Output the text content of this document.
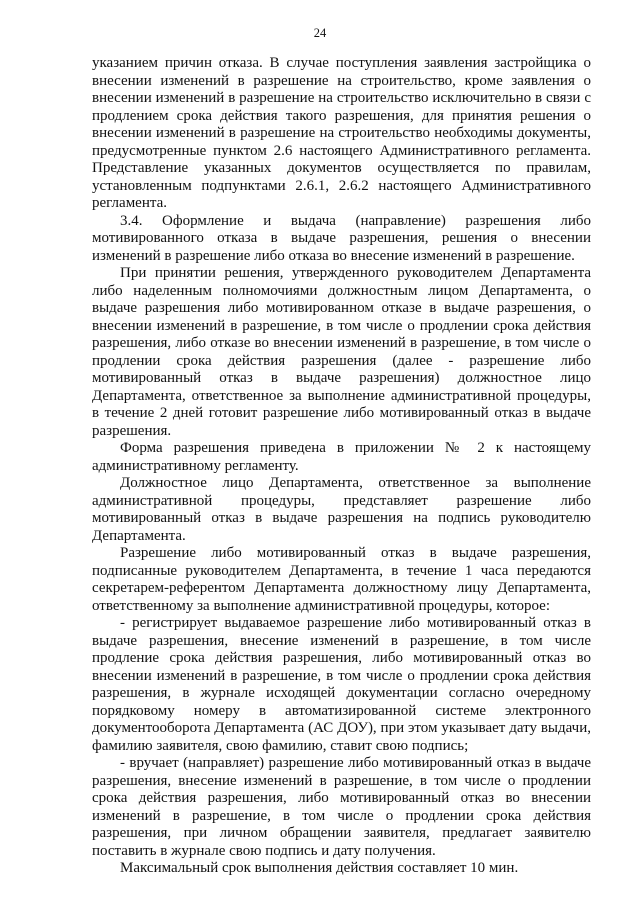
24

указанием причин отказа. В случае поступления заявления застройщика о внесении изменений в разрешение на строительство, кроме заявления о внесении изменений в разрешение на строительство исключительно в связи с продлением срока действия такого разрешения, для принятия решения о внесении изменений в разрешение на строительство необходимы документы, предусмотренные пунктом 2.6 настоящего Административного регламента. Представление указанных документов осуществляется по правилам, установленным подпунктами 2.6.1, 2.6.2 настоящего Административного регламента.

3.4. Оформление и выдача (направление) разрешения либо мотивированного отказа в выдаче разрешения, решения о внесении изменений в разрешение либо отказа во внесение изменений в разрешение.

При принятии решения, утвержденного руководителем Департамента либо наделенным полномочиями должностным лицом Департамента, о выдаче разрешения либо мотивированном отказе в выдаче разрешения, о внесении изменений в разрешение, в том числе о продлении срока действия разрешения, либо отказе во внесении изменений в разрешение, в том числе о продлении срока действия разрешения (далее - разрешение либо мотивированный отказ в выдаче разрешения) должностное лицо Департамента, ответственное за выполнение административной процедуры, в течение 2 дней готовит разрешение либо мотивированный отказ в выдаче разрешения.

Форма разрешения приведена в приложении № 2 к настоящему административному регламенту.

Должностное лицо Департамента, ответственное за выполнение административной процедуры, представляет разрешение либо мотивированный отказ в выдаче разрешения на подпись руководителю Департамента.

Разрешение либо мотивированный отказ в выдаче разрешения, подписанные руководителем Департамента, в течение 1 часа передаются секретарем-референтом Департамента должностному лицу Департамента, ответственному за выполнение административной процедуры, которое:

- регистрирует выдаваемое разрешение либо мотивированный отказ в выдаче разрешения, внесение изменений в разрешение, в том числе продление срока действия разрешения, либо мотивированный отказ во внесении изменений в разрешение, в том числе о продлении срока действия разрешения, в журнале исходящей документации согласно очередному порядковому номеру в автоматизированной системе электронного документооборота Департамента (АС ДОУ), при этом указывает дату выдачи, фамилию заявителя, свою фамилию, ставит свою подпись;

- вручает (направляет) разрешение либо мотивированный отказ в выдаче разрешения, внесение изменений в разрешение, в том числе о продлении срока действия разрешения, либо мотивированный отказ во внесении изменений в разрешение, в том числе о продлении срока действия разрешения, при личном обращении заявителя, предлагает заявителю поставить в журнале свою подпись и дату получения.

Максимальный срок выполнения действия составляет 10 мин.
